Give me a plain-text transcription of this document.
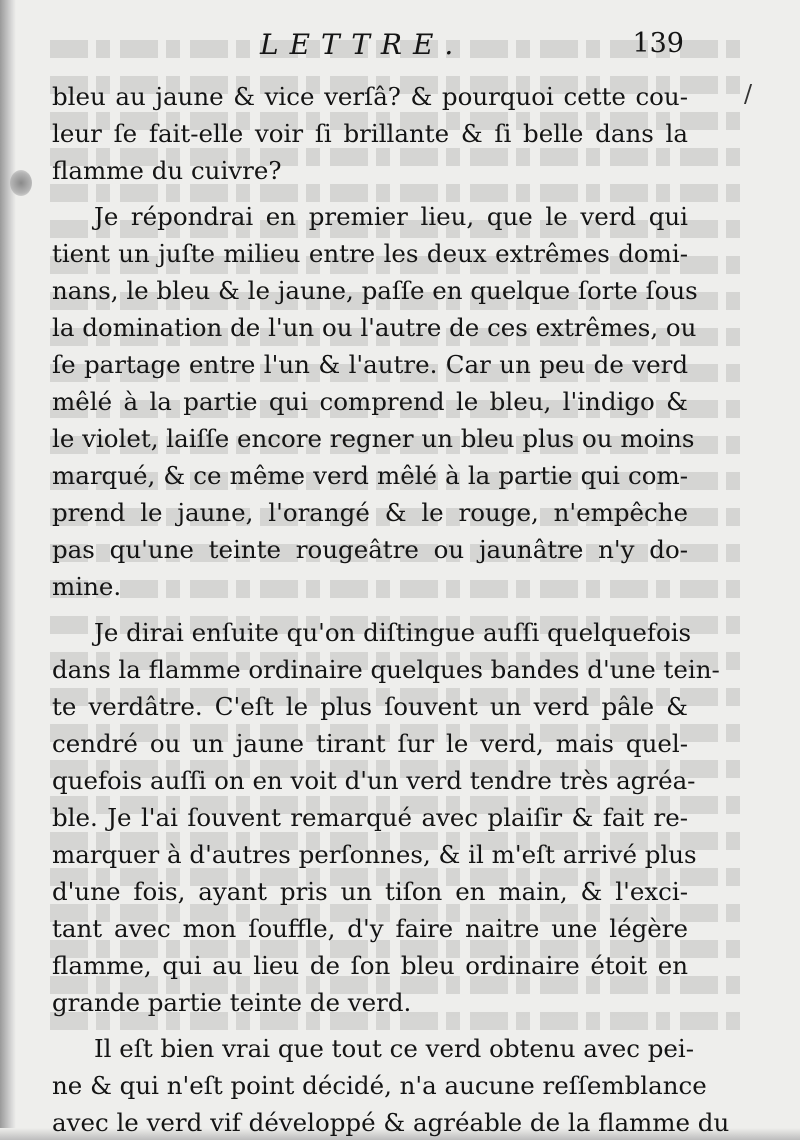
LETTRE.	139
/
bleu au jaune & vice verſâ? & pourquoi cette cou-
leur ſe fait-elle voir ſi brillante & ſi belle dans la
flamme du cuivre?
Je répondrai en premier lieu, que le verd qui
tient un juſte milieu entre les deux extrêmes domi-
nans, le bleu & le jaune, paſſe en quelque ſorte ſous
la domination de l'un ou l'autre de ces extrêmes, ou
ſe partage entre l'un & l'autre. Car un peu de verd
mêlé à la partie qui comprend le bleu, l'indigo &
le violet, laiſſe encore regner un bleu plus ou moins
marqué, & ce même verd mêlé à la partie qui com-
prend le jaune, l'orangé & le rouge, n'empêche
pas qu'une teinte rougeâtre ou jaunâtre n'y do-
mine.
Je dirai enſuite qu'on diſtingue auſſi quelquefois
dans la flamme ordinaire quelques bandes d'une tein-
te verdâtre. C'eſt le plus ſouvent un verd pâle &
cendré ou un jaune tirant ſur le verd, mais quel-
quefois auſſi on en voit d'un verd tendre très agréa-
ble. Je l'ai ſouvent remarqué avec plaiſir & fait re-
marquer à d'autres perſonnes, & il m'eſt arrivé plus
d'une fois, ayant pris un tiſon en main, & l'exci-
tant avec mon ſouffle, d'y faire naitre une légère
flamme, qui au lieu de ſon bleu ordinaire étoit en
grande partie teinte de verd.
Il eſt bien vrai que tout ce verd obtenu avec pei-
ne & qui n'eſt point décidé, n'a aucune reſſemblance
avec le verd vif développé & agréable de la flamme du
